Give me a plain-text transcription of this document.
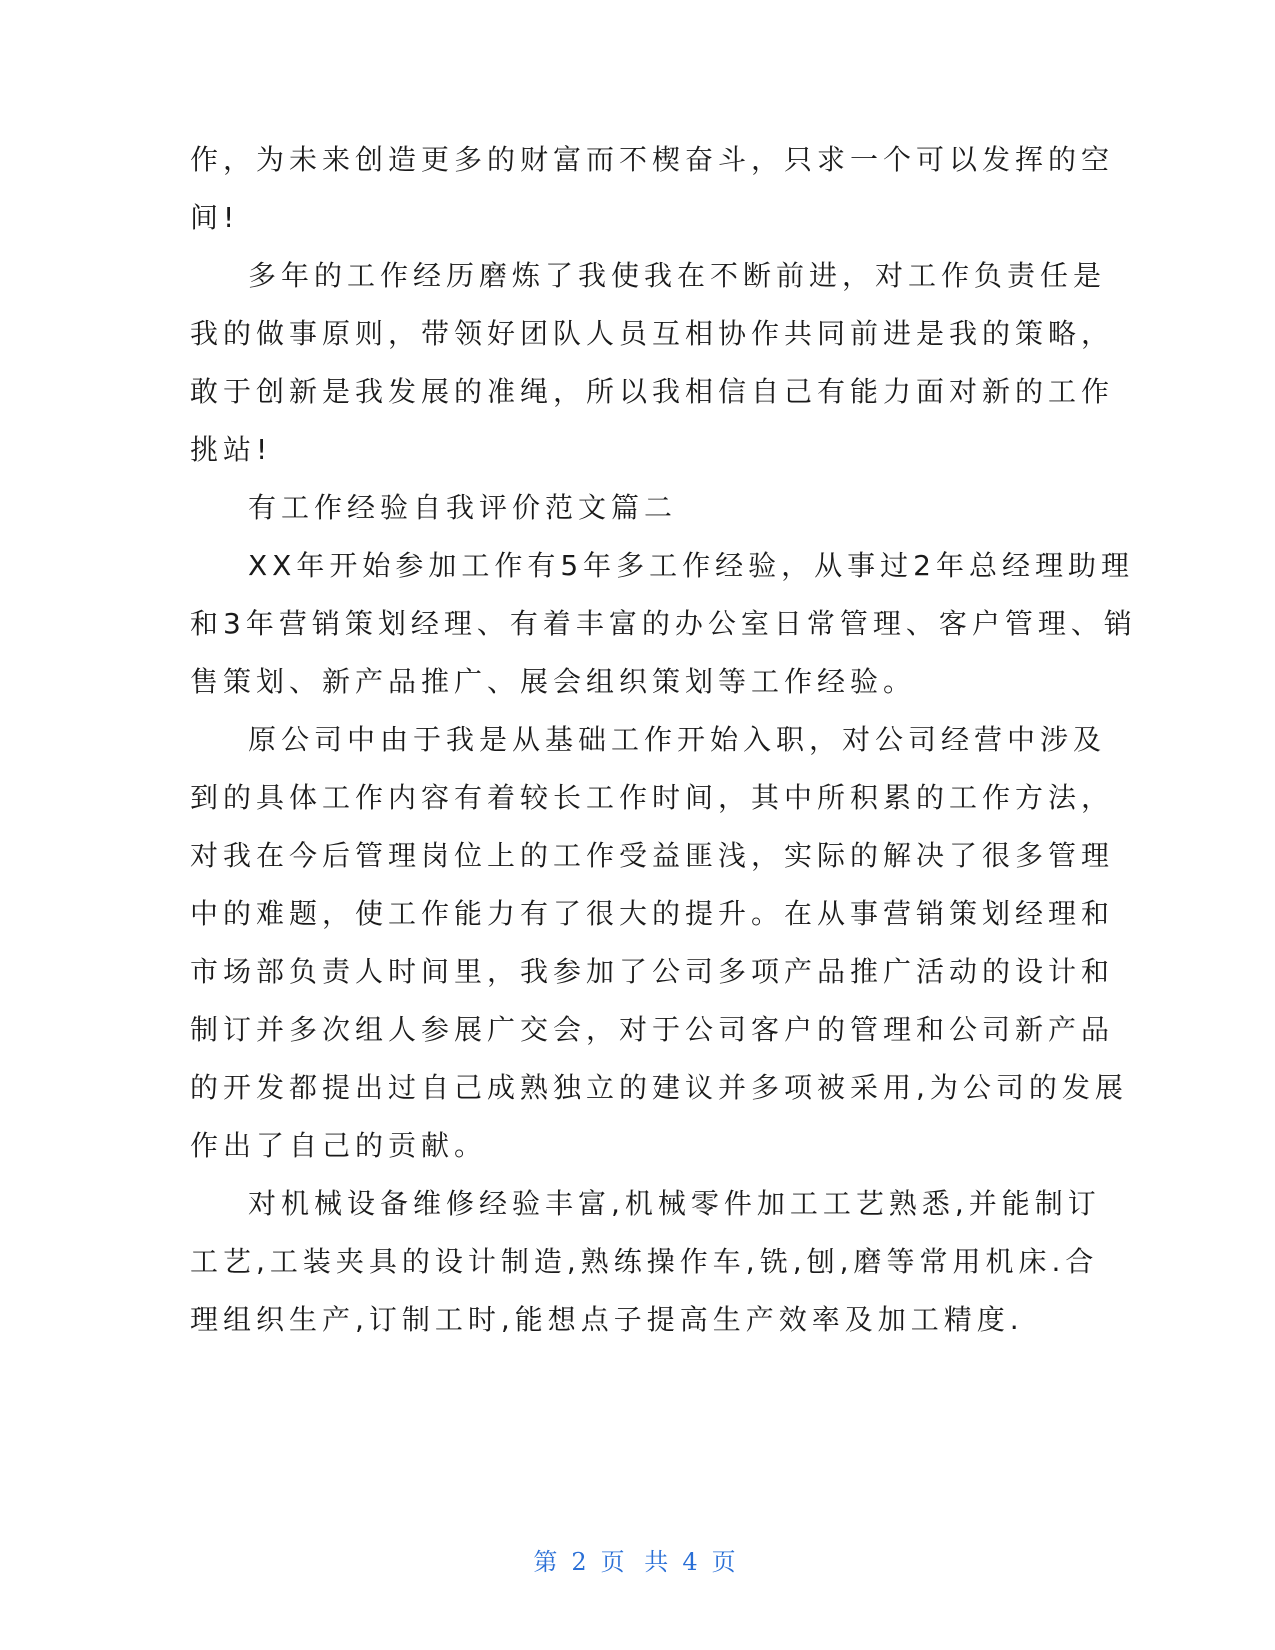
作，为未来创造更多的财富而不楔奋斗，只求一个可以发挥的空
间!
多年的工作经历磨炼了我使我在不断前进，对工作负责任是
我的做事原则，带领好团队人员互相协作共同前进是我的策略，
敢于创新是我发展的准绳，所以我相信自己有能力面对新的工作
挑站!
有工作经验自我评价范文篇二
XX年开始参加工作有5年多工作经验，从事过2年总经理助理
和3年营销策划经理、有着丰富的办公室日常管理、客户管理、销
售策划、新产品推广、展会组织策划等工作经验。
原公司中由于我是从基础工作开始入职，对公司经营中涉及
到的具体工作内容有着较长工作时间，其中所积累的工作方法，
对我在今后管理岗位上的工作受益匪浅，实际的解决了很多管理
中的难题，使工作能力有了很大的提升。在从事营销策划经理和
市场部负责人时间里，我参加了公司多项产品推广活动的设计和
制订并多次组人参展广交会，对于公司客户的管理和公司新产品
的开发都提出过自己成熟独立的建议并多项被采用,为公司的发展
作出了自己的贡献。
对机械设备维修经验丰富,机械零件加工工艺熟悉,并能制订
工艺,工装夹具的设计制造,熟练操作车,铣,刨,磨等常用机床.合
理组织生产,订制工时,能想点子提高生产效率及加工精度.
第 2 页 共 4 页
